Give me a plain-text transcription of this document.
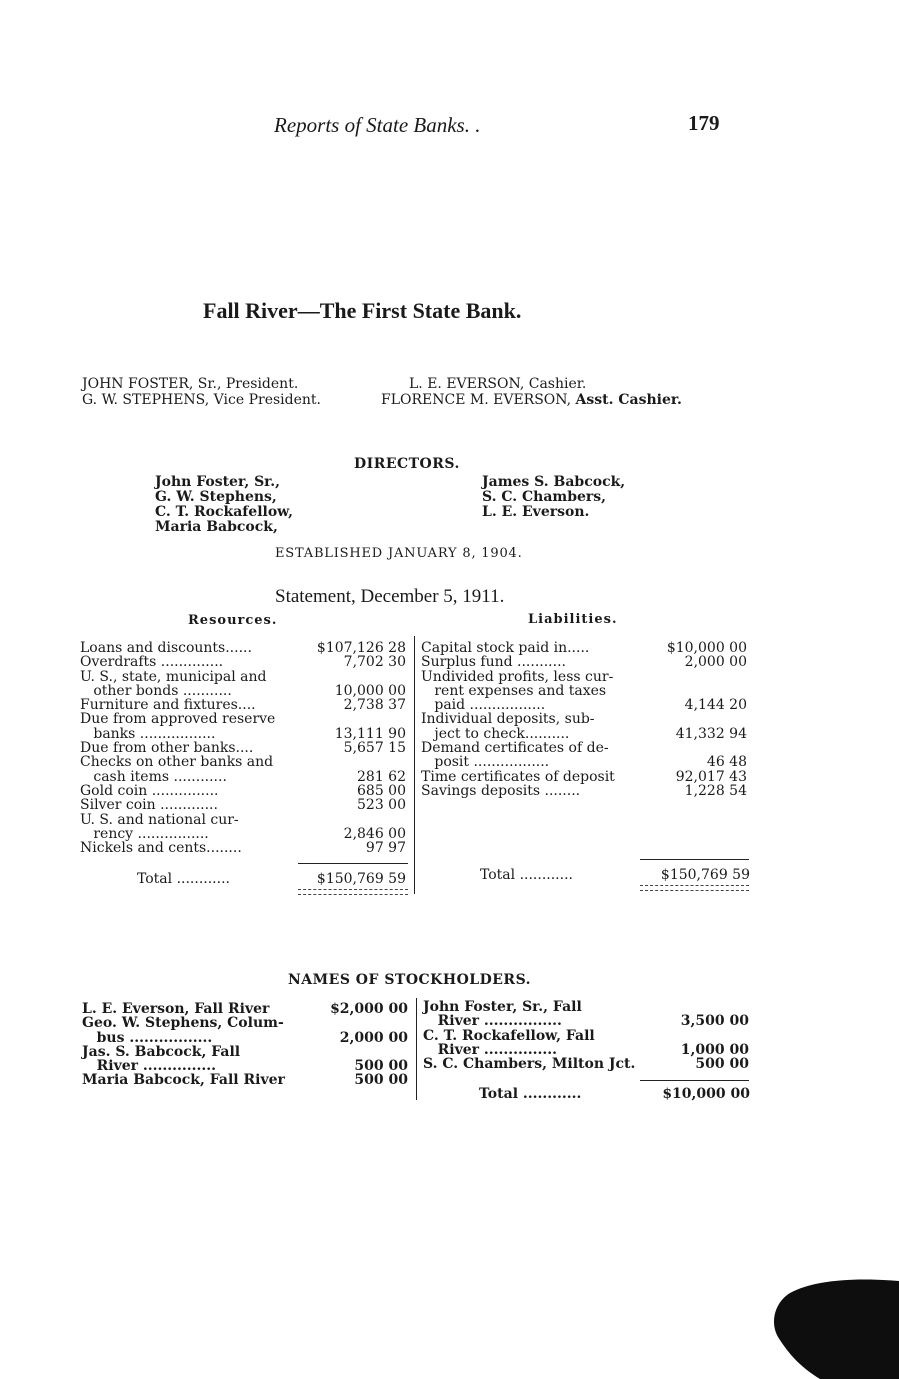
Reports of State Banks. .	179
Fall River—The First State Bank.
JOHN FOSTER, Sr., President.
G. W. STEPHENS, Vice President.
L. E. EVERSON, Cashier.
FLORENCE M. EVERSON, Asst. Cashier.
DIRECTORS.
John Foster, Sr.,
G. W. Stephens,
C. T. Rockafellow,
Maria Babcock,
James S. Babcock,
S. C. Chambers,
L. E. Everson.
ESTABLISHED JANUARY 8, 1904.
Statement, December 5, 1911.
Resources.	Liabilities.
Loans and discounts......	$107,126 28
Overdrafts ..............	7,702 30
U. S., state, municipal and
other bonds ...........	10,000 00
Furniture and fixtures....	2,738 37
Due from approved reserve
banks .................	13,111 90
Due from other banks....	5,657 15
Checks on other banks and
cash items ............	281 62
Gold coin ...............	685 00
Silver coin .............	523 00
U. S. and national cur-
rency ................	2,846 00
Nickels and cents........	97 97
Total ............	$150,769 59
Capital stock paid in.....	$10,000 00
Surplus fund ...........	2,000 00
Undivided profits, less cur-
rent expenses and taxes
paid .................	4,144 20
Individual deposits, sub-
ject to check..........	41,332 94
Demand certificates of de-
posit .................	46 48
Time certificates of deposit	92,017 43
Savings deposits ........	1,228 54
Total ............	$150,769 59
NAMES OF STOCKHOLDERS.
L. E. Everson, Fall River	$2,000 00
Geo. W. Stephens, Colum-
bus .................	2,000 00
Jas. S. Babcock, Fall
River ...............	500 00
Maria Babcock, Fall River	500 00
John Foster, Sr., Fall
River ................	3,500 00
C. T. Rockafellow, Fall
River ...............	1,000 00
S. C. Chambers, Milton Jct.	500 00
Total ............	$10,000 00
